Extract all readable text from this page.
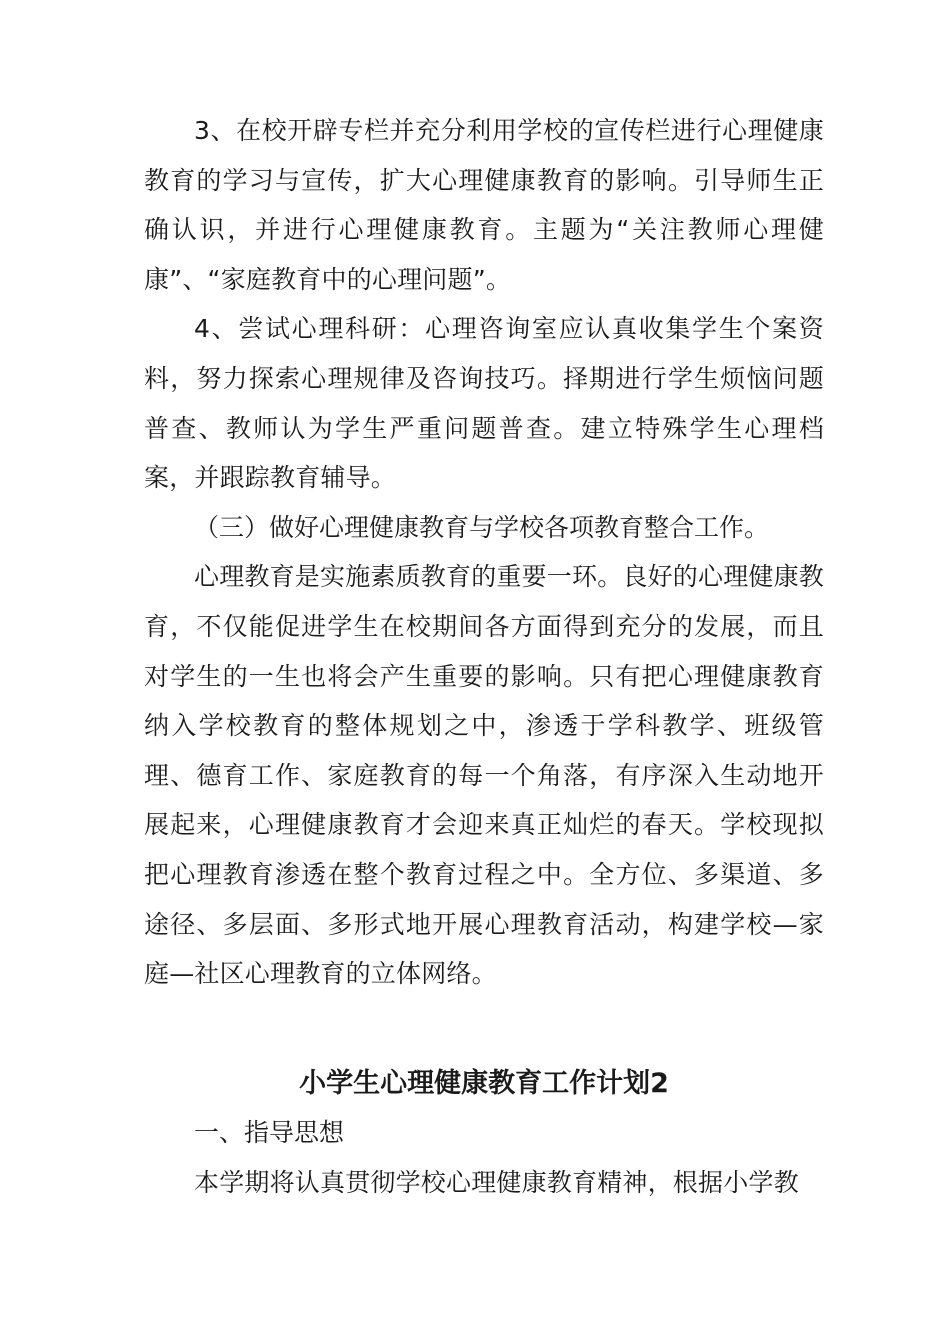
3、在校开辟专栏并充分利用学校的宣传栏进行心理健康教育的学习与宣传，扩大心理健康教育的影响。引导师生正确认识，并进行心理健康教育。主题为“关注教师心理健康”、“家庭教育中的心理问题”。

4、尝试心理科研：心理咨询室应认真收集学生个案资料，努力探索心理规律及咨询技巧。择期进行学生烦恼问题普查、教师认为学生严重问题普查。建立特殊学生心理档案，并跟踪教育辅导。

（三）做好心理健康教育与学校各项教育整合工作。

心理教育是实施素质教育的重要一环。良好的心理健康教育，不仅能促进学生在校期间各方面得到充分的发展，而且对学生的一生也将会产生重要的影响。只有把心理健康教育纳入学校教育的整体规划之中，渗透于学科教学、班级管理、德育工作、家庭教育的每一个角落，有序深入生动地开展起来，心理健康教育才会迎来真正灿烂的春天。学校现拟把心理教育渗透在整个教育过程之中。全方位、多渠道、多途径、多层面、多形式地开展心理教育活动，构建学校—家庭—社区心理教育的立体网络。

小学生心理健康教育工作计划2

一、指导思想

本学期将认真贯彻学校心理健康教育精神，根据小学教
